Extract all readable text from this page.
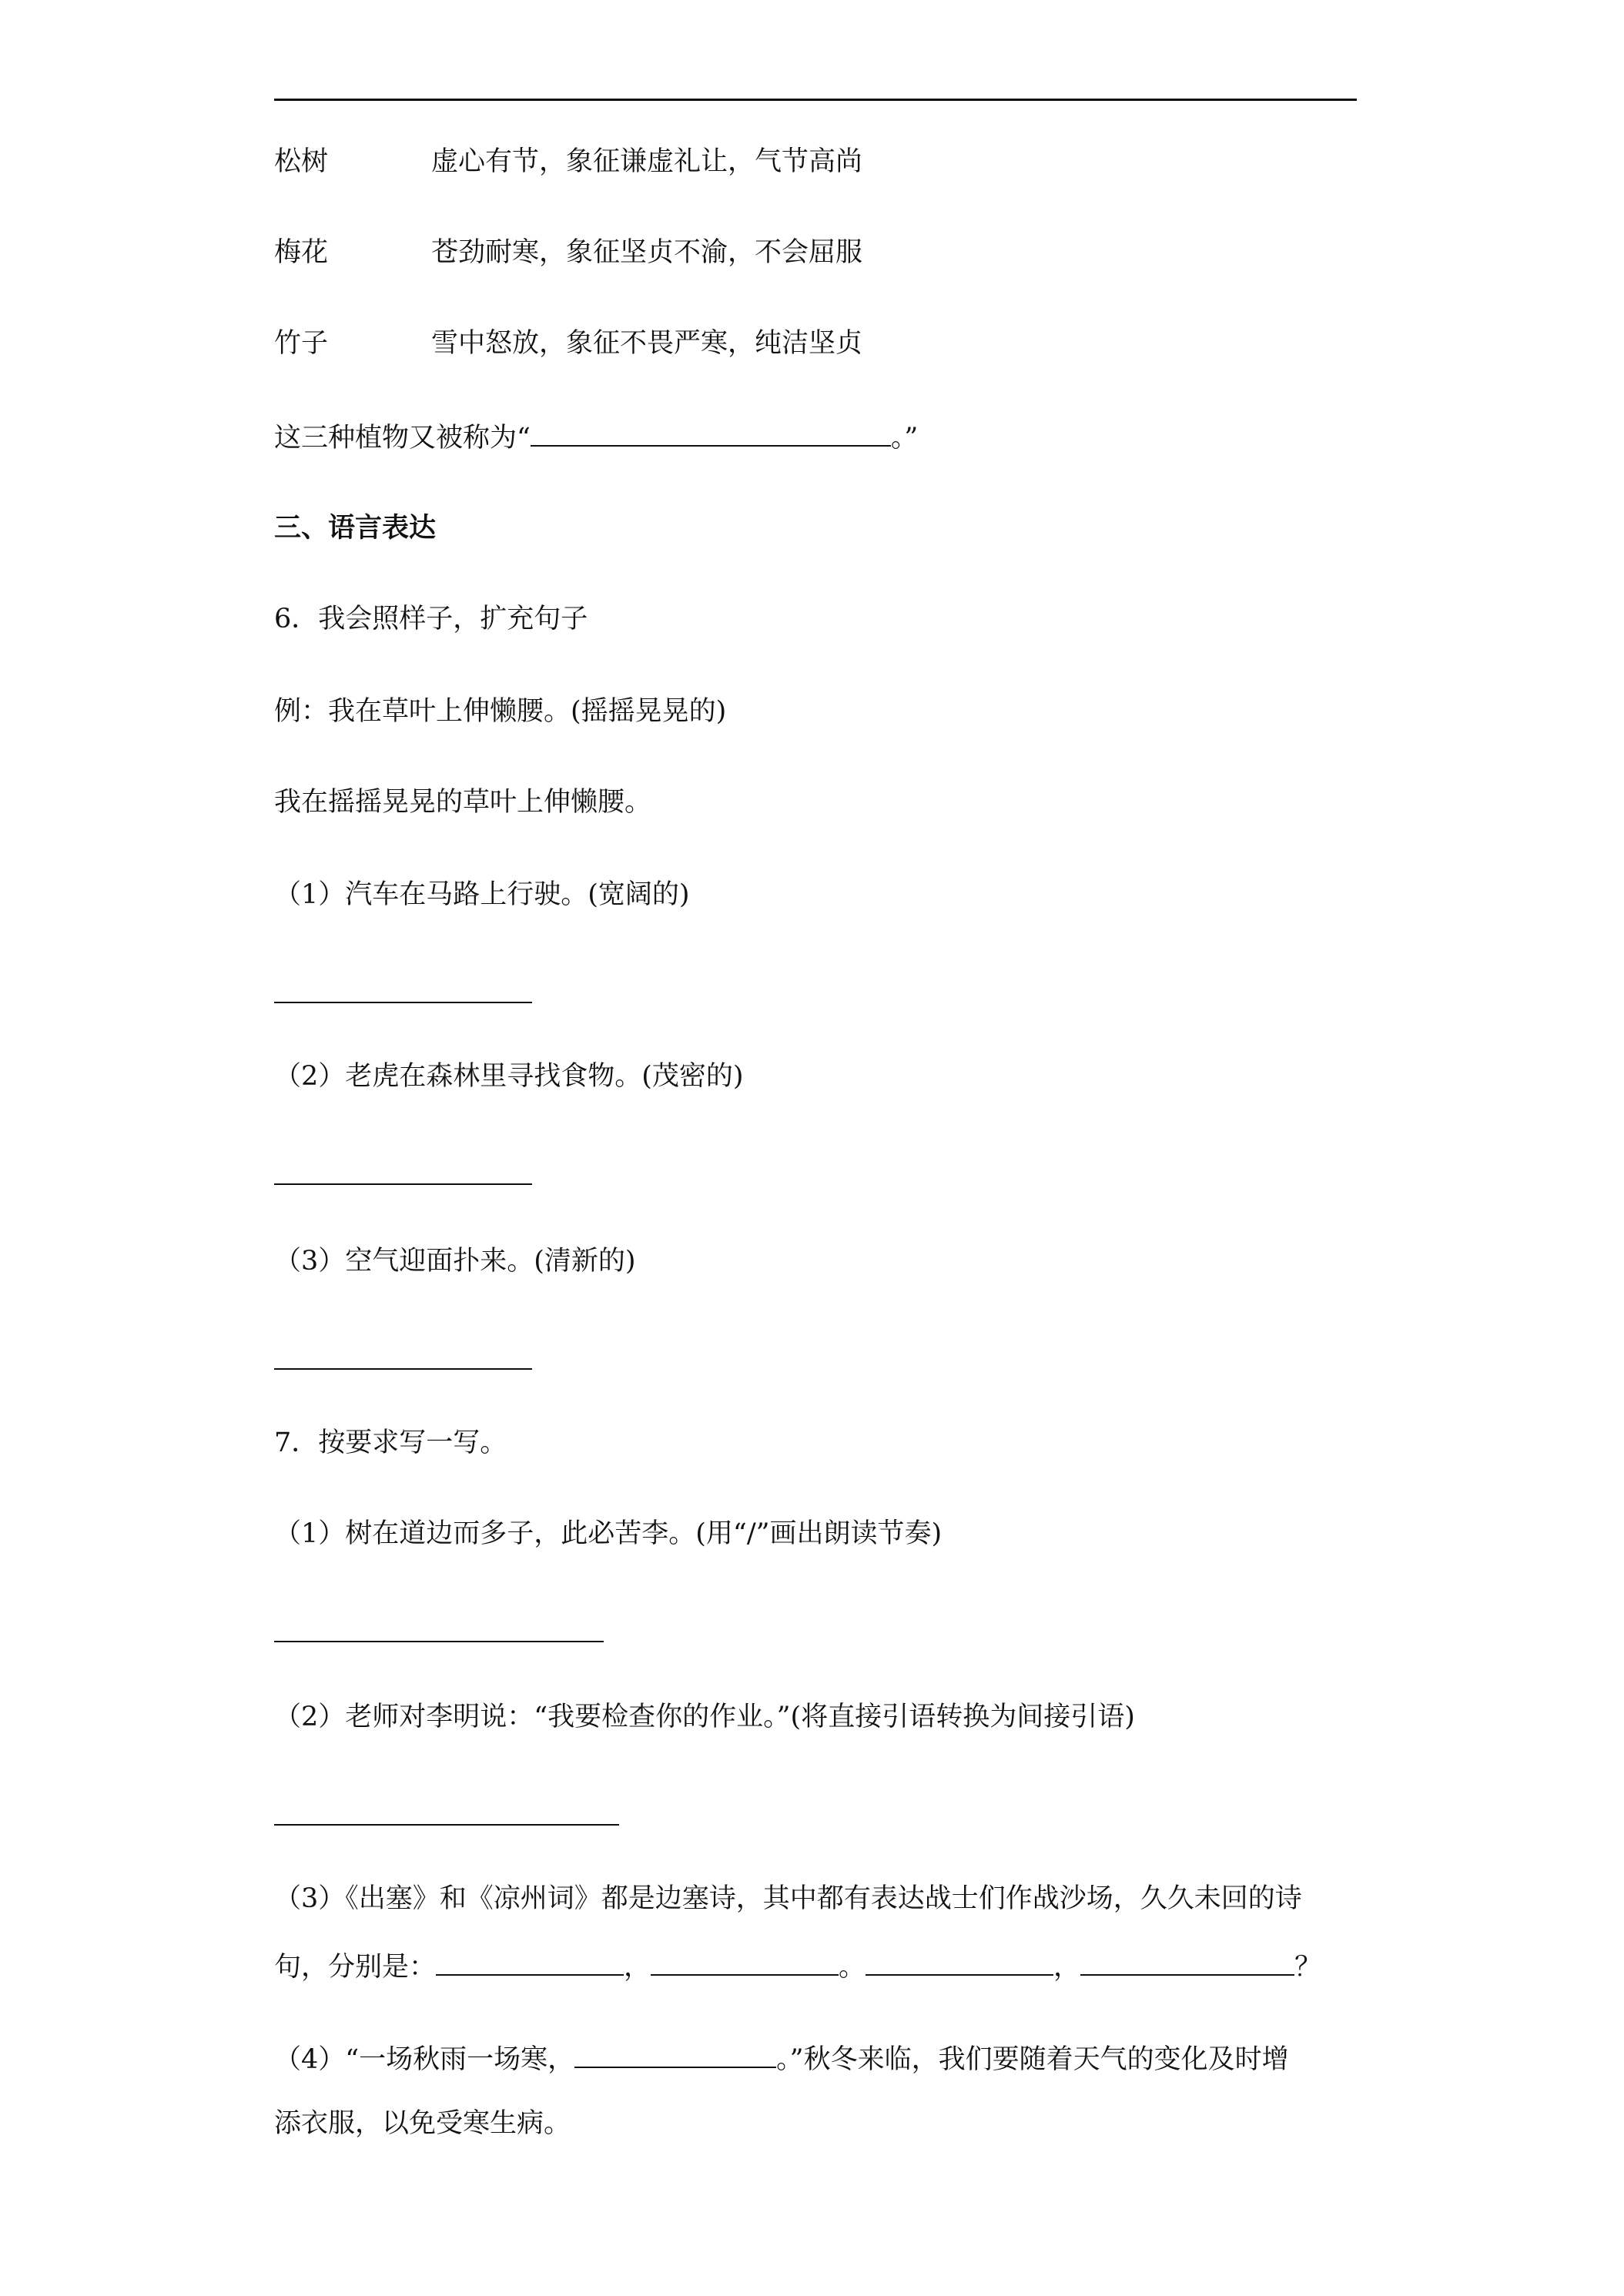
松树	虚心有节，象征谦虚礼让，气节高尚
梅花	苍劲耐寒，象征坚贞不渝，不会屈服
竹子	雪中怒放，象征不畏严寒，纯洁坚贞
这三种植物又被称为“	。”
三、语言表达
6．我会照样子，扩充句子
例：我在草叶上伸懒腰。(摇摇晃晃的)
我在摇摇晃晃的草叶上伸懒腰。
（1）汽车在马路上行驶。(宽阔的)
（2）老虎在森林里寻找食物。(茂密的)
（3）空气迎面扑来。(清新的)
7．按要求写一写。
（1）树在道边而多子，此必苦李。(用“/”画出朗读节奏)
（2）老师对李明说：“我要检查你的作业。”(将直接引语转换为间接引语)
（3）《出塞》和《凉州词》都是边塞诗，其中都有表达战士们作战沙场，久久未回的诗
句，分别是：	，	。	，	？
（4）“一场秋雨一场寒，	。”秋冬来临，我们要随着天气的变化及时增
添衣服，以免受寒生病。
